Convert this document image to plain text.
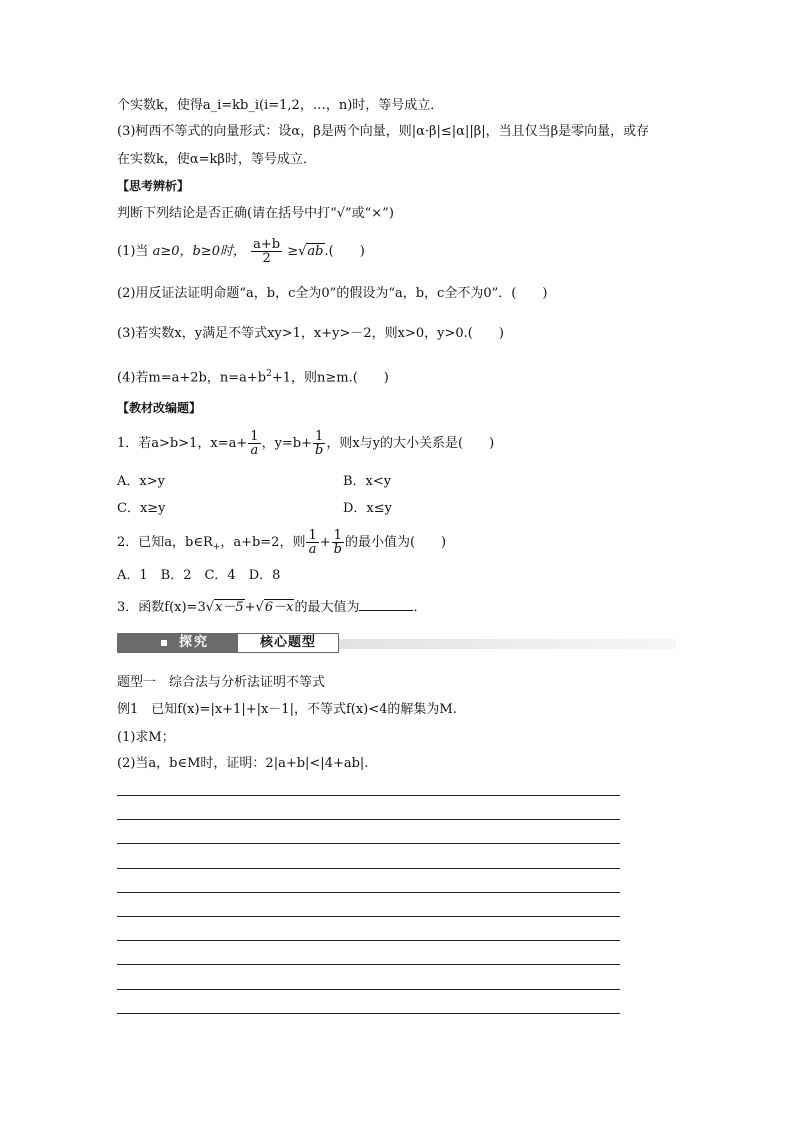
个实数k，使得a_i=kb_i(i=1,2，…，n)时，等号成立．
(3)柯西不等式的向量形式：设α，β是两个向量，则|α·β|≤|α||β|，当且仅当β是零向量，或存
在实数k，使α=kβ时，等号成立．
【思考辨析】
判断下列结论是否正确(请在括号中打“√”或“×”)
(1)当 a≥0，b≥0时， $\frac{a+b}{2} \ge√ab$.(　　)
(2)用反证法证明命题“a，b，c全为0”的假设为“a，b，c全不为0”．(　　)
(3)若实数x，y满足不等式xy>1，x+y>－2，则x>0，y>0.(　　)
(4)若m=a+2b，$n=a+b^2+1$，则n≥m.(　　)
【教材改编题】
1．若a>b>1，$x=a+ \frac{1}{a}$ ，$y=b+ \frac{1}{b}$ ，则x与y的大小关系是(　　)
A．x>y	B．x<y
C．x≥y	D．x≤y
2．已知a，$b\in R_+$，a+b=2，则 $\frac{1}{a} + \frac{1}{b}$ 的最小值为(　　)
A．1　B．2　C．4　D．8
3．函数f(x)=3√x－5+√6－x的最大值为	．
探究	核心题型
题型一　综合法与分析法证明不等式
例1　已知f(x)=|x+1|+|x－1|，不等式f(x)<4的解集为M.
(1)求M；
(2)当a，b∈M时，证明：2|a+b|<|4+ab|.
